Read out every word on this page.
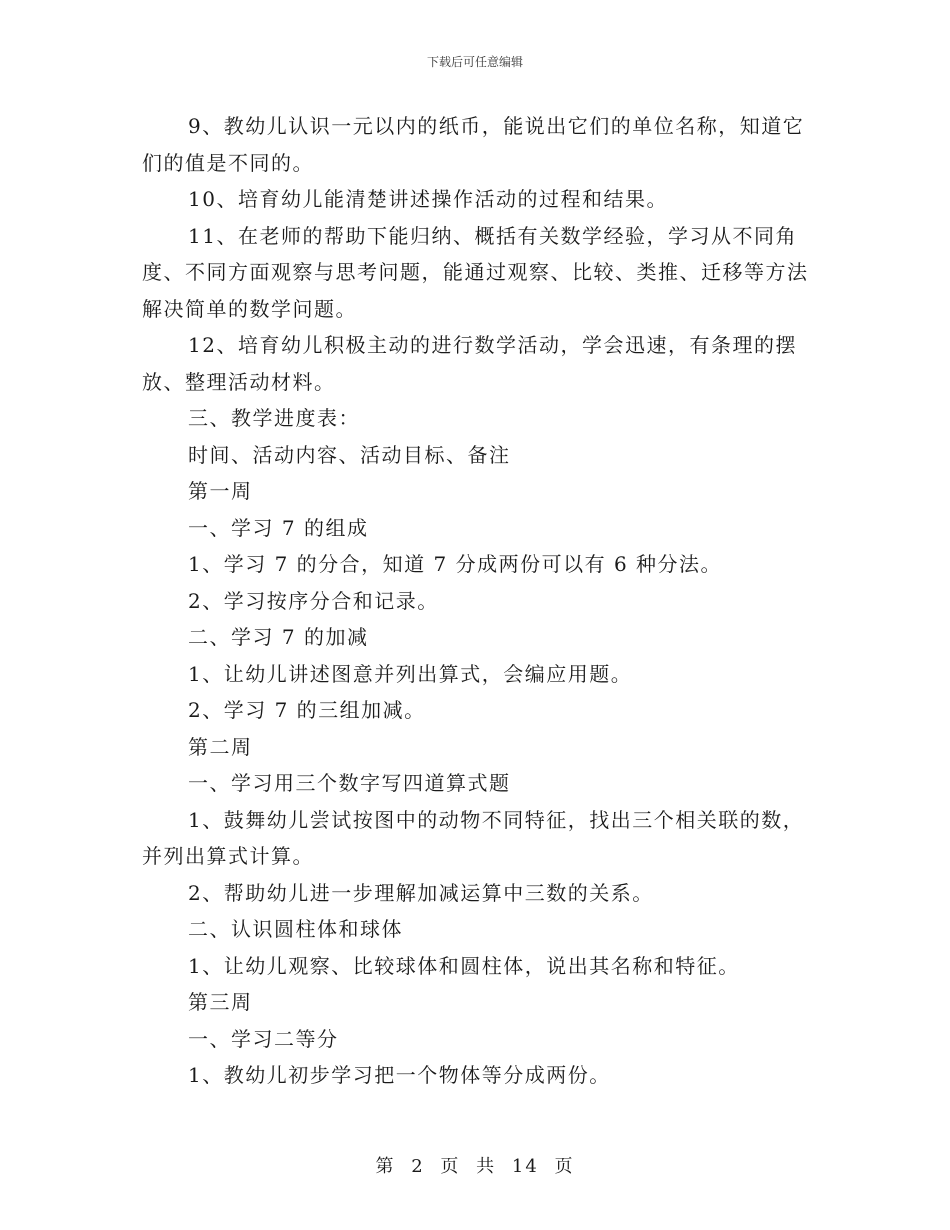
下载后可任意编辑

9、教幼儿认识一元以内的纸币，能说出它们的单位名称，知道它们的值是不同的。

10、培育幼儿能清楚讲述操作活动的过程和结果。

11、在老师的帮助下能归纳、概括有关数学经验，学习从不同角度、不同方面观察与思考问题，能通过观察、比较、类推、迁移等方法解决简单的数学问题。

12、培育幼儿积极主动的进行数学活动，学会迅速，有条理的摆放、整理活动材料。

三、教学进度表：

时间、活动内容、活动目标、备注

第一周

一、学习 7 的组成

1、学习 7 的分合，知道 7 分成两份可以有 6 种分法。

2、学习按序分合和记录。

二、学习 7 的加减

1、让幼儿讲述图意并列出算式，会编应用题。

2、学习 7 的三组加减。

第二周

一、学习用三个数字写四道算式题

1、鼓舞幼儿尝试按图中的动物不同特征，找出三个相关联的数，并列出算式计算。

2、帮助幼儿进一步理解加减运算中三数的关系。

二、认识圆柱体和球体

1、让幼儿观察、比较球体和圆柱体，说出其名称和特征。

第三周

一、学习二等分

1、教幼儿初步学习把一个物体等分成两份。

第 2 页 共 14 页
